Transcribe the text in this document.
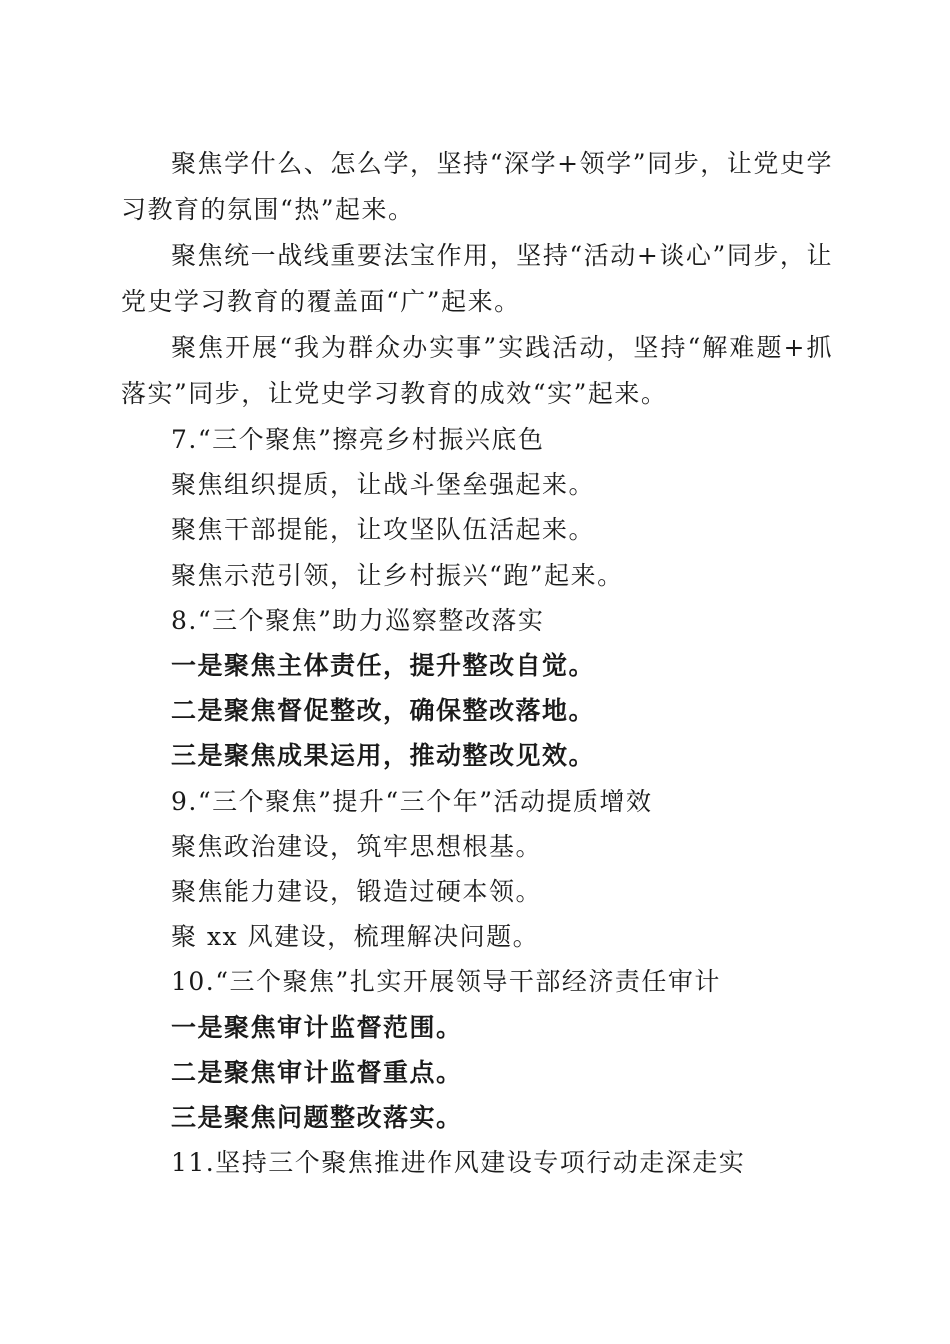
聚焦学什么、怎么学，坚持“深学+领学”同步，让党史学习教育的氛围“热”起来。

聚焦统一战线重要法宝作用，坚持“活动+谈心”同步，让党史学习教育的覆盖面“广”起来。

聚焦开展“我为群众办实事”实践活动，坚持“解难题+抓落实”同步，让党史学习教育的成效“实”起来。

7.“三个聚焦”擦亮乡村振兴底色

聚焦组织提质，让战斗堡垒强起来。

聚焦干部提能，让攻坚队伍活起来。

聚焦示范引领，让乡村振兴“跑”起来。

8.“三个聚焦”助力巡察整改落实

一是聚焦主体责任，提升整改自觉。

二是聚焦督促整改，确保整改落地。

三是聚焦成果运用，推动整改见效。

9.“三个聚焦”提升“三个年”活动提质增效

聚焦政治建设，筑牢思想根基。

聚焦能力建设，锻造过硬本领。

聚 xx 风建设，梳理解决问题。

10.“三个聚焦”扎实开展领导干部经济责任审计

一是聚焦审计监督范围。

二是聚焦审计监督重点。

三是聚焦问题整改落实。

11.坚持三个聚焦推进作风建设专项行动走深走实
